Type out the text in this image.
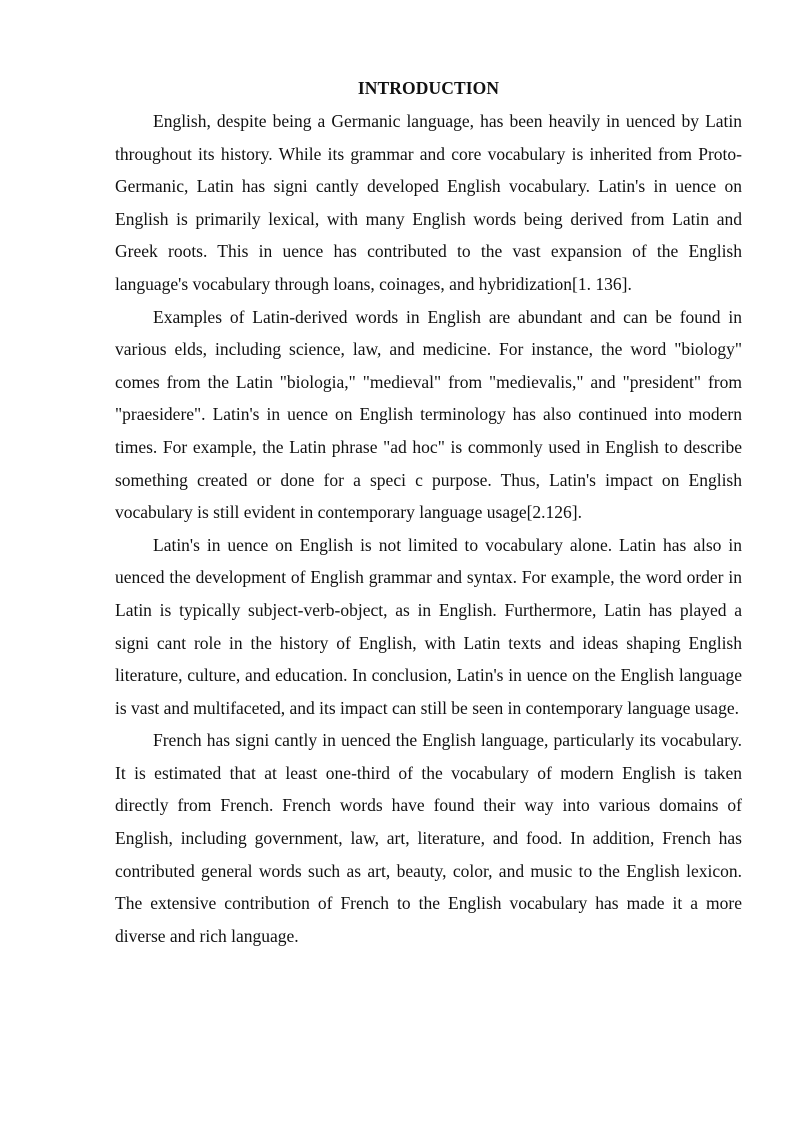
INTRODUCTION

English, despite being a Germanic language, has been heavily in uenced by Latin throughout its history. While its grammar and core vocabulary is inherited from Proto-Germanic, Latin has signi cantly developed English vocabulary. Latin's in uence on English is primarily lexical, with many English words being derived from Latin and Greek roots. This in uence has contributed to the vast expansion of the English language's vocabulary through loans, coinages, and hybridization[1. 136].

Examples of Latin-derived words in English are abundant and can be found in various elds, including science, law, and medicine. For instance, the word "biology" comes from the Latin "biologia," "medieval" from "medievalis," and "president" from "praesidere". Latin's in uence on English terminology has also continued into modern times. For example, the Latin phrase "ad hoc" is commonly used in English to describe something created or done for a speci c purpose. Thus, Latin's impact on English vocabulary is still evident in contemporary language usage[2.126].

Latin's in uence on English is not limited to vocabulary alone. Latin has also in uenced the development of English grammar and syntax. For example, the word order in Latin is typically subject-verb-object, as in English. Furthermore, Latin has played a signi cant role in the history of English, with Latin texts and ideas shaping English literature, culture, and education. In conclusion, Latin's in uence on the English language is vast and multifaceted, and its impact can still be seen in contemporary language usage.

French has signi cantly in uenced the English language, particularly its vocabulary. It is estimated that at least one-third of the vocabulary of modern English is taken directly from French. French words have found their way into various domains of English, including government, law, art, literature, and food. In addition, French has contributed general words such as art, beauty, color, and music to the English lexicon. The extensive contribution of French to the English vocabulary has made it a more diverse and rich language.
